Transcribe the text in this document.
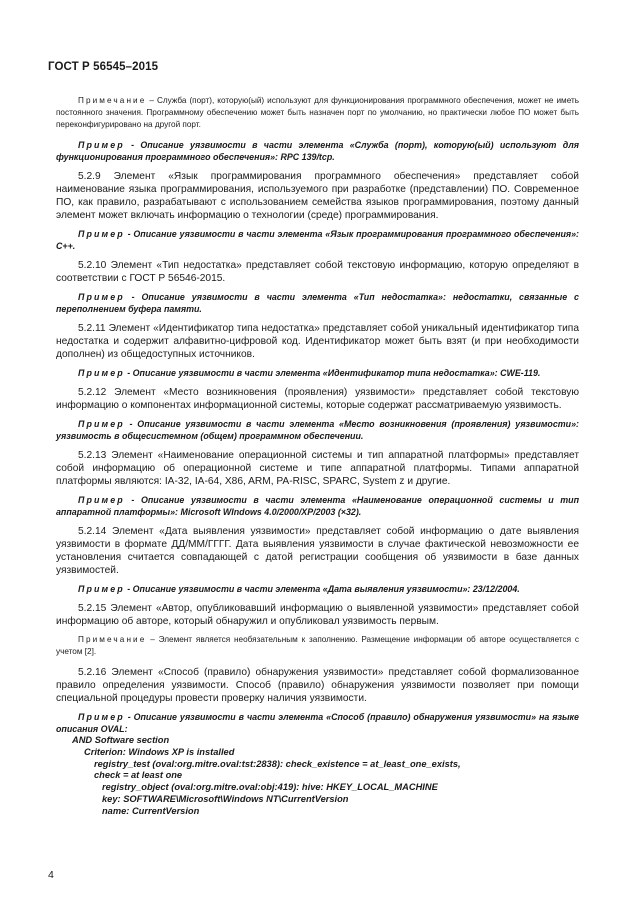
ГОСТ Р 56545–2015

Примечание – Служба (порт), которую(ый) используют для функционирования программного обеспечения, может не иметь постоянного значения. Программному обеспечению может быть назначен порт по умолчанию, но практически любое ПО может быть переконфигурировано на другой порт.

Пример - Описание уязвимости в части элемента «Служба (порт), которую(ый) используют для функционирования программного обеспечения»: RPC 139/tcp.

5.2.9 Элемент «Язык программирования программного обеспечения» представляет собой наименование языка программирования, используемого при разработке (представлении) ПО. Современное ПО, как правило, разрабатывают с использованием семейства языков программирования, поэтому данный элемент может включать информацию о технологии (среде) программирования.

Пример - Описание уязвимости в части элемента «Язык программирования программного обеспечения»: C++.

5.2.10 Элемент «Тип недостатка» представляет собой текстовую информацию, которую определяют в соответствии с ГОСТ Р 56546-2015.

Пример - Описание уязвимости в части элемента «Тип недостатка»: недостатки, связанные с переполнением буфера памяти.

5.2.11 Элемент «Идентификатор типа недостатка» представляет собой уникальный идентификатор типа недостатка и содержит алфавитно-цифровой код. Идентификатор может быть взят (и при необходимости дополнен) из общедоступных источников.

Пример - Описание уязвимости в части элемента «Идентификатор типа недостатка»: CWE-119.

5.2.12 Элемент «Место возникновения (проявления) уязвимости» представляет собой текстовую информацию о компонентах информационной системы, которые содержат рассматриваемую уязвимость.

Пример - Описание уязвимости в части элемента «Место возникновения (проявления) уязвимости»: уязвимость в общесистемном (общем) программном обеспечении.

5.2.13 Элемент «Наименование операционной системы и тип аппаратной платформы» представляет собой информацию об операционной системе и типе аппаратной платформы. Типами аппаратной платформы являются: IA-32, IA-64, X86, ARM, PA-RISC, SPARC, System z и другие.

Пример - Описание уязвимости в части элемента «Наименование операционной системы и тип аппаратной платформы»: Microsoft WIndows 4.0/2000/XP/2003 (×32).

5.2.14 Элемент «Дата выявления уязвимости» представляет собой информацию о дате выявления уязвимости в формате ДД/ММ/ГГГГ. Дата выявления уязвимости в случае фактической невозможности ее установления считается совпадающей с датой регистрации сообщения об уязвимости в базе данных уязвимостей.

Пример - Описание уязвимости в части элемента «Дата выявления уязвимости»: 23/12/2004.

5.2.15 Элемент «Автор, опубликовавший информацию о выявленной уязвимости» представляет собой информацию об авторе, который обнаружил и опубликовал уязвимость первым.

Примечание – Элемент является необязательным к заполнению. Размещение информации об авторе осуществляется с учетом [2].

5.2.16 Элемент «Способ (правило) обнаружения уязвимости» представляет собой формализованное правило определения уязвимости. Способ (правило) обнаружения уязвимости позволяет при помощи специальной процедуры провести проверку наличия уязвимости.

Пример - Описание уязвимости в части элемента «Способ (правило) обнаружения уязвимости» на языке описания OVAL:

AND Software section
Criterion: Windows XP is installed
registry_test (oval:org.mitre.oval:tst:2838): check_existence = at_least_one_exists,
check = at least one
registry_object (oval:org.mitre.oval:obj:419): hive: HKEY_LOCAL_MACHINE
key: SOFTWARE\Microsoft\Windows NT\CurrentVersion
name: CurrentVersion
4
